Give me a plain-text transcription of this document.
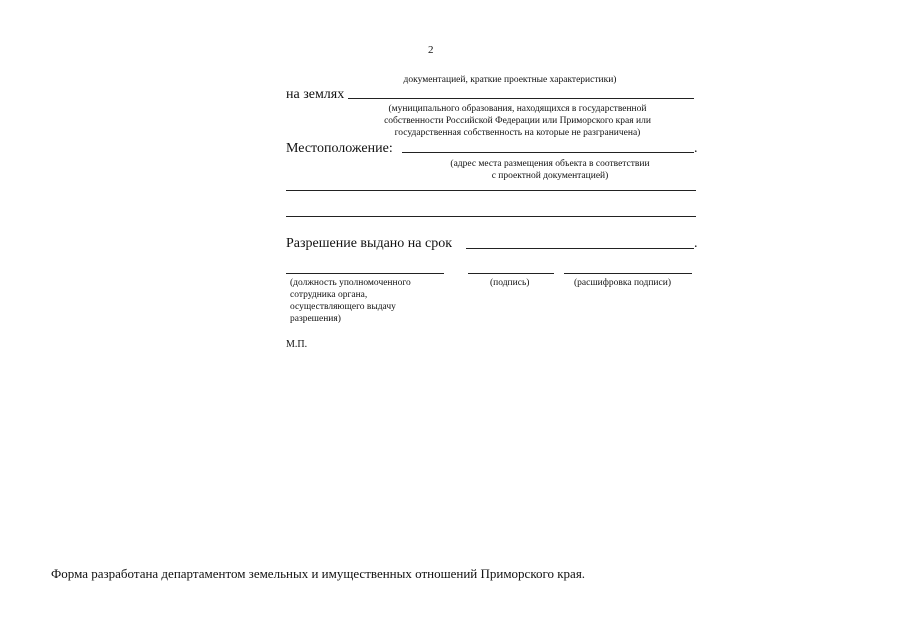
2
документацией, краткие проектные характеристики)
на землях
(муниципального образования, находящихся в государственной
собственности Российской Федерации или Приморского края или
государственная собственность на которые не разграничена)
Местоположение:	.
(адрес места размещения объекта в соответствии
с проектной документацией)
Разрешение выдано на срок	.
(должность уполномоченного
сотрудника органа,
осуществляющего выдачу
разрешения)
(подпись)	(расшифровка подписи)
М.П.
Форма разработана департаментом земельных и имущественных отношений Приморского края.
